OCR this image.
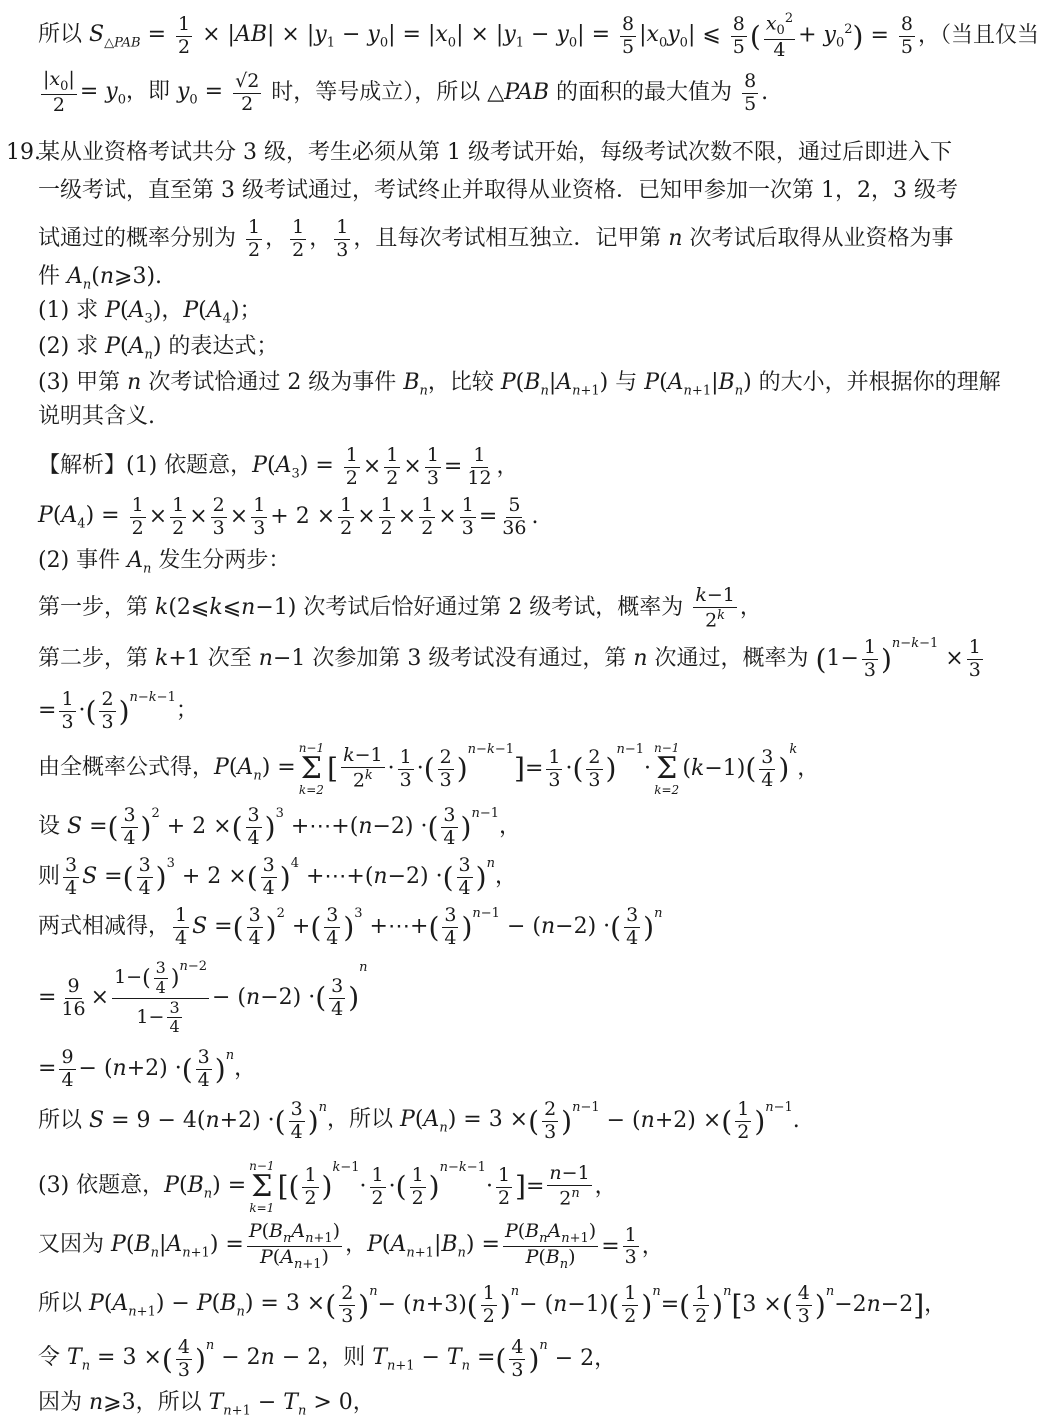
所以 $S_{\triangle PAB} = \frac{1}{2} \times |AB| \times |y_1 - y_0| = |x_0| \times |y_1 - y_0| = \frac{8}{5} |x_0y_0|$ ⩽ $\frac{8}{5}$ ( $\frac{x_0^2}{4} + y_0^2$ ) = $\frac{8}{5}$ ，（当且仅当
$\frac{|x_0|}{2} = y_0$，即 $y_0 = \frac{√2}{2}$ 时，等号成立），所以 △PAB 的面积的最大值为 $\frac{8}{5}$ .
19.
某从业资格考试共分 3 级，考生必须从第 1 级考试开始，每级考试次数不限，通过后即进入下
一级考试，直至第 3 级考试通过，考试终止并取得从业资格．已知甲参加一次第 1，2，3 级考
试通过的概率分别为 $\frac{1}{2}$ ， $\frac{1}{2}$ ， $\frac{1}{3}$ ，且每次考试相互独立．记甲第 n 次考试后取得从业资格为事
件 $A_n(n⩾3)$.
(1) 求 $P(A_3)$，$P(A_4)$；
(2) 求 $P(A_n)$ 的表达式；
(3) 甲第 n 次考试恰通过 2 级为事件 $B_n$，比较 $P(B_n|A_{n+1})$ 与 $P(A_{n+1}|B_n)$ 的大小，并根据你的理解
说明其含义.
【解析】(1) 依题意，$P(A_3) = \frac{1}{2} \times \frac{1}{2} \times \frac{1}{3} = \frac{1}{12}$ ，
$P(A_4) = \frac{1}{2} \times \frac{1}{2} \times \frac{2}{3} \times \frac{1}{3} + 2 \times \frac{1}{2} \times \frac{1}{2} \times \frac{1}{2} \times \frac{1}{3} = \frac{5}{36}$ .
(2) 事件 $A_n$ 发生分两步：
第一步，第 k(2⩽k⩽n−1) 次考试后恰好通过第 2 级考试，概率为 $\frac{k-1}{2^k}$ ，
第二步，第 k+1 次至 n−1 次参加第 3 级考试没有通过，第 n 次通过，概率为 ( $1- \frac{1}{3}$ ) $^{n-k-1}$
× $\frac{1}{3}$
= $\frac{1}{3}$ · ( $\frac{2}{3}$ ) $^{n-k-1}$
；
由全概率公式得，$P(A_n)$ =
n−1
Σ
k=2
[ $\frac{k-1}{2^k} \cdot \frac{1}{3}$ · ( $\frac{2}{3}$ )
$^{n-k-1}$
] = $\frac{1}{3}$ · ( $\frac{2}{3}$ )
$^{n-1}$
·
n−1
Σ
k=2
(k−1) ( $\frac{3}{4}$ )
$^k$
，
设 S = ( $\frac{3}{4} )^2$
+ 2 × ( $\frac{3}{4} )^3$
+⋯+(n−2) · ( $\frac{3}{4}$ ) $^{n-1}$
，
则 $\frac{3}{4}$ S = ( $\frac{3}{4} )^3$
+ 2 × ( $\frac{3}{4} )^4$
+⋯+(n−2) · ( $\frac{3}{4} )^n$
，
两式相减得， $\frac{1}{4}$ S = ( $\frac{3}{4} )^2$
+ ( $\frac{3}{4} )^3$
+⋯+ ( $\frac{3}{4}$ ) $^{n-1}$
− (n−2) · ( $\frac{3}{4} )^n$
= $\frac{9}{16} \times \frac{1- ( \frac{3}{4} ) ^{n-2}}{1- \frac{3}{4}} - (n-2)$ · ( $\frac{3}{4}$ )
n
= $\frac{9}{4} - (n+2)$ · ( $\frac{3}{4} )^n$
，
所以 S = 9 − 4(n+2) · ( $\frac{3}{4} )^n$ ，所以 $P(A_n) = 3$ × ( $\frac{2}{3}$ ) $^{n-1}$
− (n+2) × ( $\frac{1}{2}$ ) $^{n-1}$
.
(3) 依题意，$P(B_n)$ =
n−1
Σ
k=1
[ ( $\frac{1}{2}$ )
$^{k-1}$
· $\frac{1}{2}$ · ( $\frac{1}{2}$ )
$^{n-k-1}$
· $\frac{1}{2}$ ] = $\frac{n-1}{2^n}$ ，
又因为 $P(B_n|A_{n+1}) = \frac{P(B_nA_{n+1})}{P(A_{n+1})}$ ，$P(A_{n+1}|B_n) = \frac{P(B_nA_{n+1})}{P(B_n)} = \frac{1}{3}$ ，
所以 $P(A_{n+1}) - P(B_n) = 3$ × ( $\frac{2}{3} )^n$
− (n+3) ( $\frac{1}{2} )^n$
− (n−1) ( $\frac{1}{2} )^n$
= ( $\frac{1}{2} )^n$ [ 3 × ( $\frac{4}{3} )^n$
−2n−2 ] ，
令 $T_n = 3$ × ( $\frac{4}{3} )^n - 2n - 2$，则 $T_{n+1} - T_n$ = ( $\frac{4}{3} )^n$
− 2，
因为 n⩾3，所以 $T_{n+1} - T_n > 0$，
